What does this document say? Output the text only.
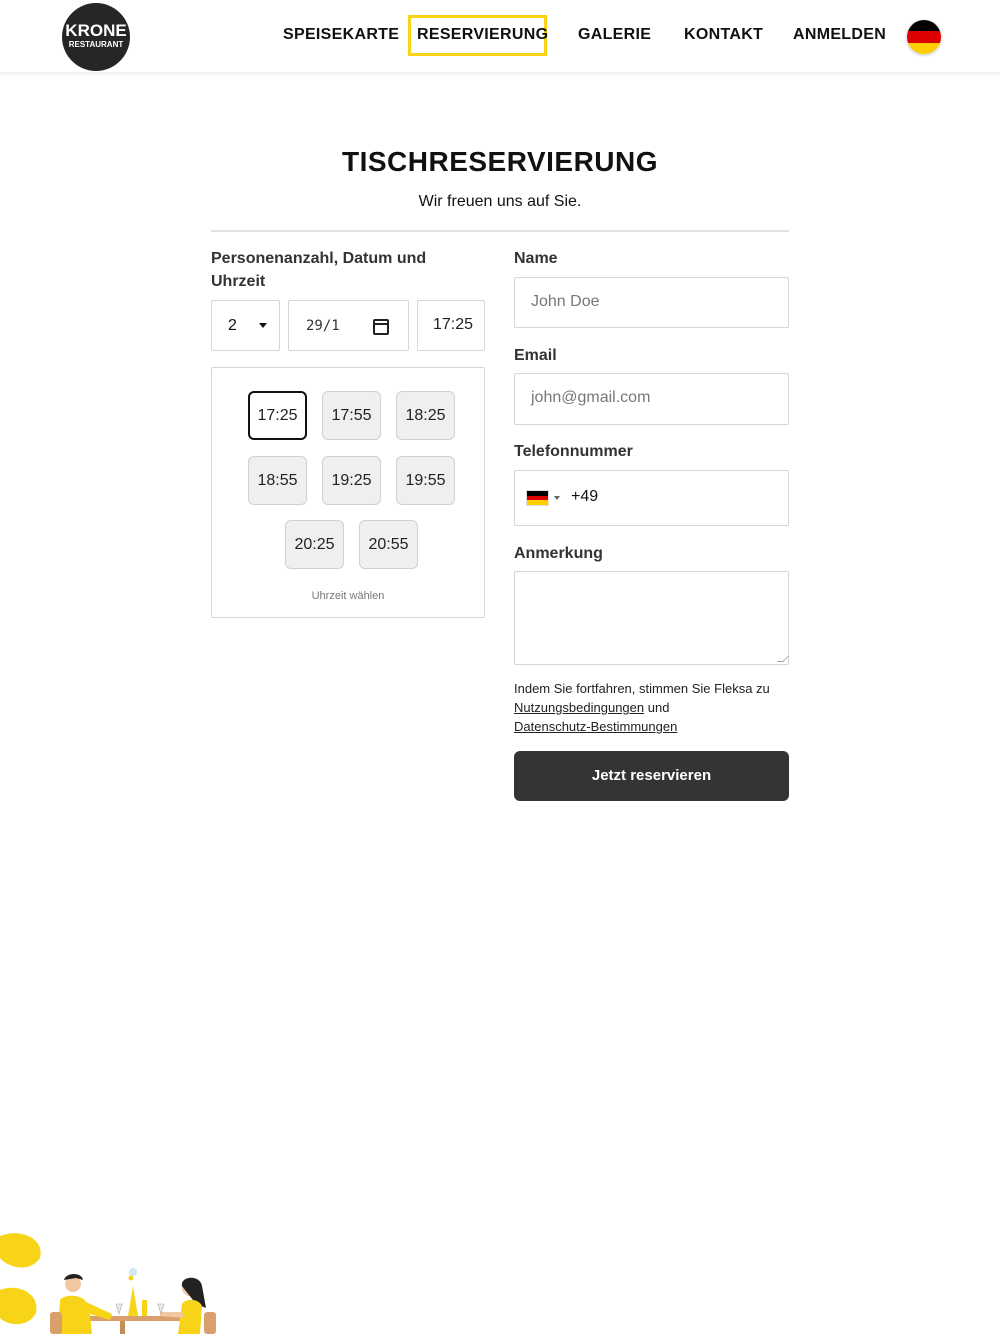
KRONE
RESTAURANT
SPEISEKARTE RESERVIERUNG GALERIE KONTAKT ANMELDEN
TISCHRESERVIERUNG
Wir freuen uns auf Sie.
Personenanzahl, Datum und
Uhrzeit
2	29/1	17:25
17:25	17:55	18:25
18:55	19:25	19:55
20:25	20:55
Uhrzeit wählen
Name
John Doe
Email
john@gmail.com
Telefonnummer
+49
Anmerkung
Indem Sie fortfahren, stimmen Sie Fleksa zu Nutzungsbedingungen und
Datenschutz-Bestimmungen
Jetzt reservieren
